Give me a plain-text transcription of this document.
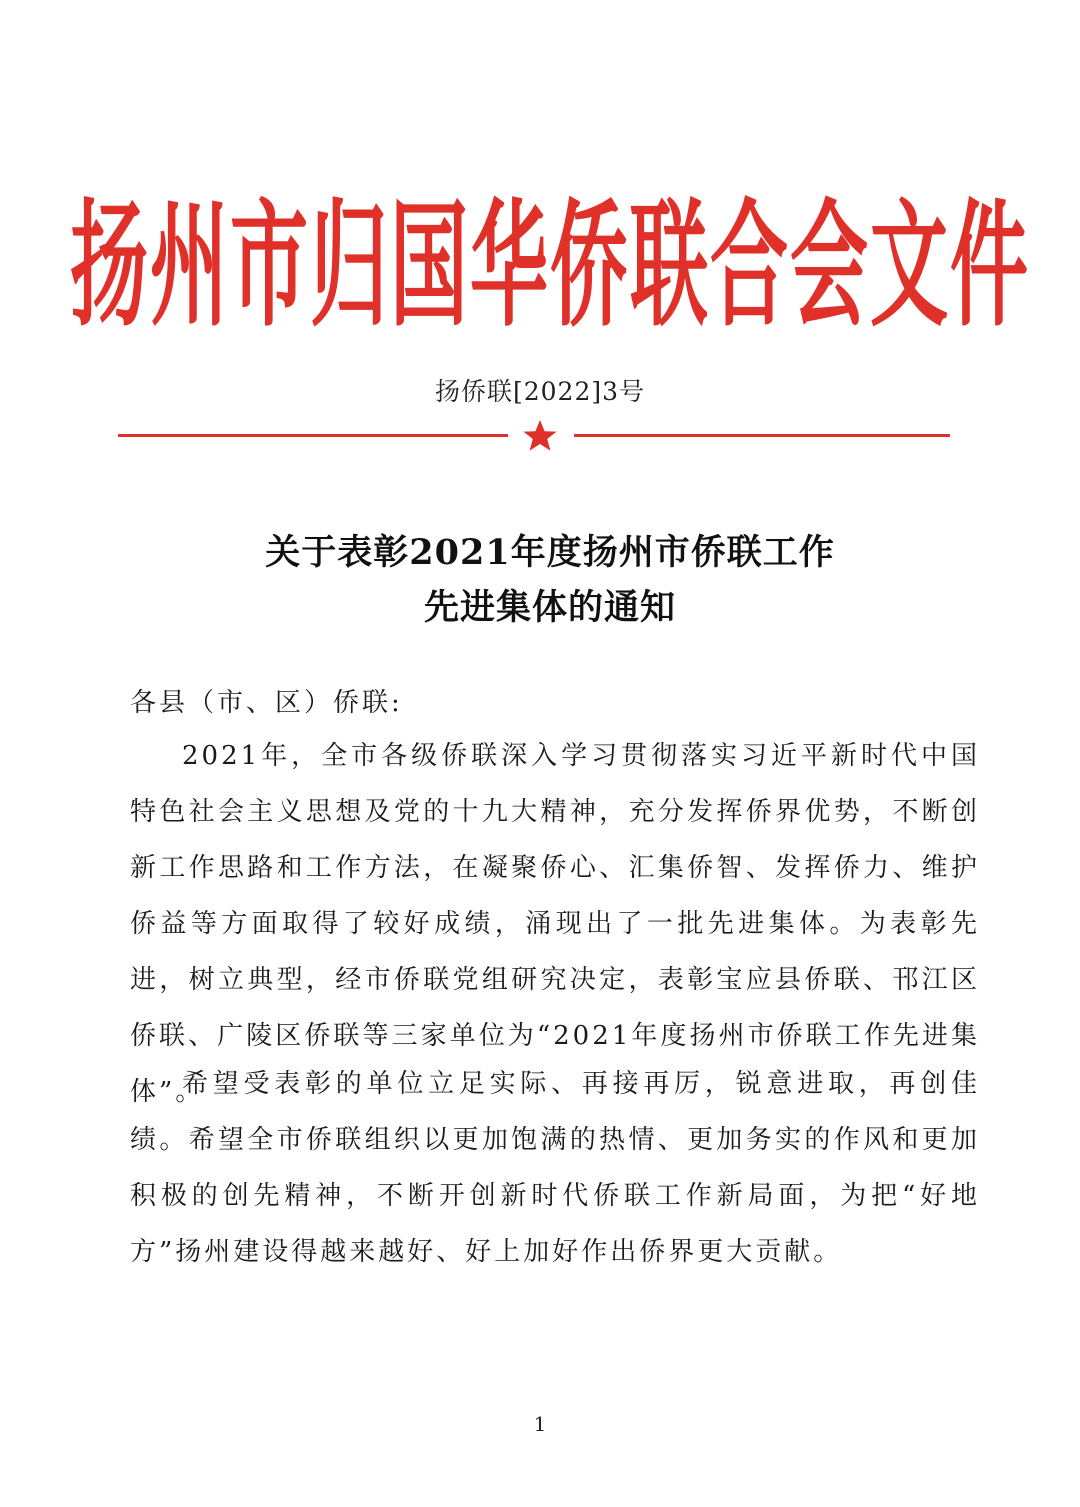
扬州市归国华侨联合会文件
扬侨联[2022]3号
关于表彰2021年度扬州市侨联工作
先进集体的通知
各县（市、区）侨联:

2021年，全市各级侨联深入学习贯彻落实习近平新时代中国特色社会主义思想及党的十九大精神，充分发挥侨界优势，不断创新工作思路和工作方法，在凝聚侨心、汇集侨智、发挥侨力、维护侨益等方面取得了较好成绩，涌现出了一批先进集体。为表彰先进，树立典型，经市侨联党组研究决定，表彰宝应县侨联、邗江区侨联、广陵区侨联等三家单位为“2021年度扬州市侨联工作先进集体”。

希望受表彰的单位立足实际、再接再厉，锐意进取，再创佳绩。希望全市侨联组织以更加饱满的热情、更加务实的作风和更加积极的创先精神，不断开创新时代侨联工作新局面，为把“好地方”扬州建设得越来越好、好上加好作出侨界更大贡献。

1
